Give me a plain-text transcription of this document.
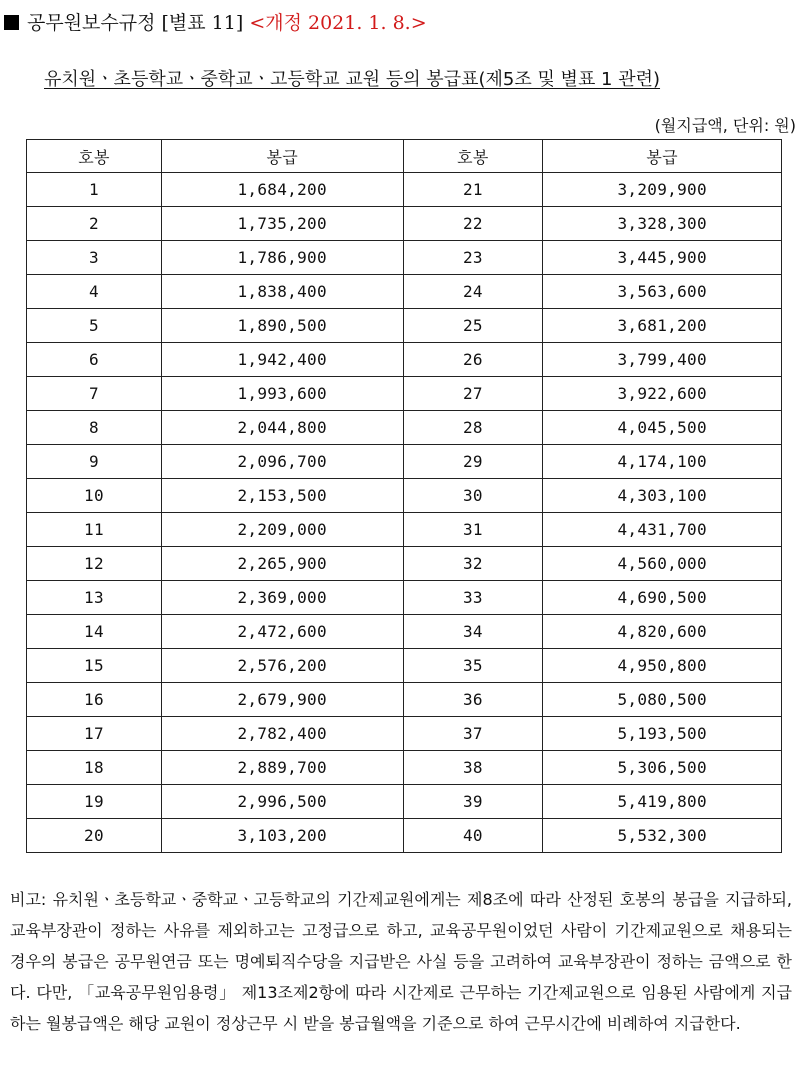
공무원보수규정 [별표 11] <개정 2021. 1. 8.>
유치원ㆍ초등학교ㆍ중학교ㆍ고등학교 교원 등의 봉급표(제5조 및 별표 1 관련)
(월지급액, 단위: 원)
호봉	봉급	호봉	봉급
1	1,684,200	21	3,209,900
2	1,735,200	22	3,328,300
3	1,786,900	23	3,445,900
4	1,838,400	24	3,563,600
5	1,890,500	25	3,681,200
6	1,942,400	26	3,799,400
7	1,993,600	27	3,922,600
8	2,044,800	28	4,045,500
9	2,096,700	29	4,174,100
10	2,153,500	30	4,303,100
11	2,209,000	31	4,431,700
12	2,265,900	32	4,560,000
13	2,369,000	33	4,690,500
14	2,472,600	34	4,820,600
15	2,576,200	35	4,950,800
16	2,679,900	36	5,080,500
17	2,782,400	37	5,193,500
18	2,889,700	38	5,306,500
19	2,996,500	39	5,419,800
20	3,103,200	40	5,532,300
비고: 유치원ㆍ초등학교ㆍ중학교ㆍ고등학교의 기간제교원에게는 제8조에 따라 산정된 호봉의 봉급을 지급하되, 교육부장관이 정하는 사유를 제외하고는 고정급으로 하고, 교육공무원이었던 사람이 기간제교원으로 채용되는 경우의 봉급은 공무원연금 또는 명예퇴직수당을 지급받은 사실 등을 고려하여 교육부장관이 정하는 금액으로 한다. 다만, 「교육공무원임용령」 제13조제2항에 따라 시간제로 근무하는 기간제교원으로 임용된 사람에게 지급하는 월봉급액은 해당 교원이 정상근무 시 받을 봉급월액을 기준으로 하여 근무시간에 비례하여 지급한다.
